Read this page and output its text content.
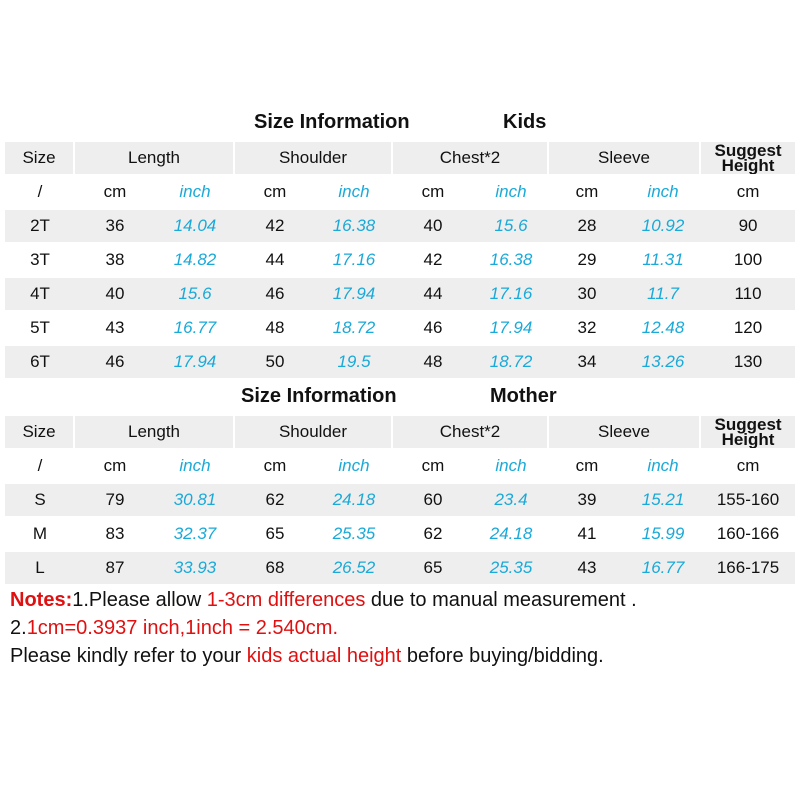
Size Information	Kids
Size	Length		Shoulder		Chest*2		Sleeve		Suggest
Height
/	cm	inch	cm	inch	cm	inch	cm	inch	cm
2T	36	14.04	42	16.38	40	15.6	28	10.92	90
3T	38	14.82	44	17.16	42	16.38	29	11.31	100
4T	40	15.6	46	17.94	44	17.16	30	11.7	110
5T	43	16.77	48	18.72	46	17.94	32	12.48	120
6T	46	17.94	50	19.5	48	18.72	34	13.26	130
Size Information	Mother
Size	Length		Shoulder		Chest*2		Sleeve		Suggest
Height
/	cm	inch	cm	inch	cm	inch	cm	inch	cm
S	79	30.81	62	24.18	60	23.4	39	15.21	155-160
M	83	32.37	65	25.35	62	24.18	41	15.99	160-166
L	87	33.93	68	26.52	65	25.35	43	16.77	166-175
Notes:1.Please allow 1-3cm differences due to manual measurement .
2.1cm=0.3937 inch,1inch = 2.540cm.
Please kindly refer to your kids actual height before buying/bidding.
